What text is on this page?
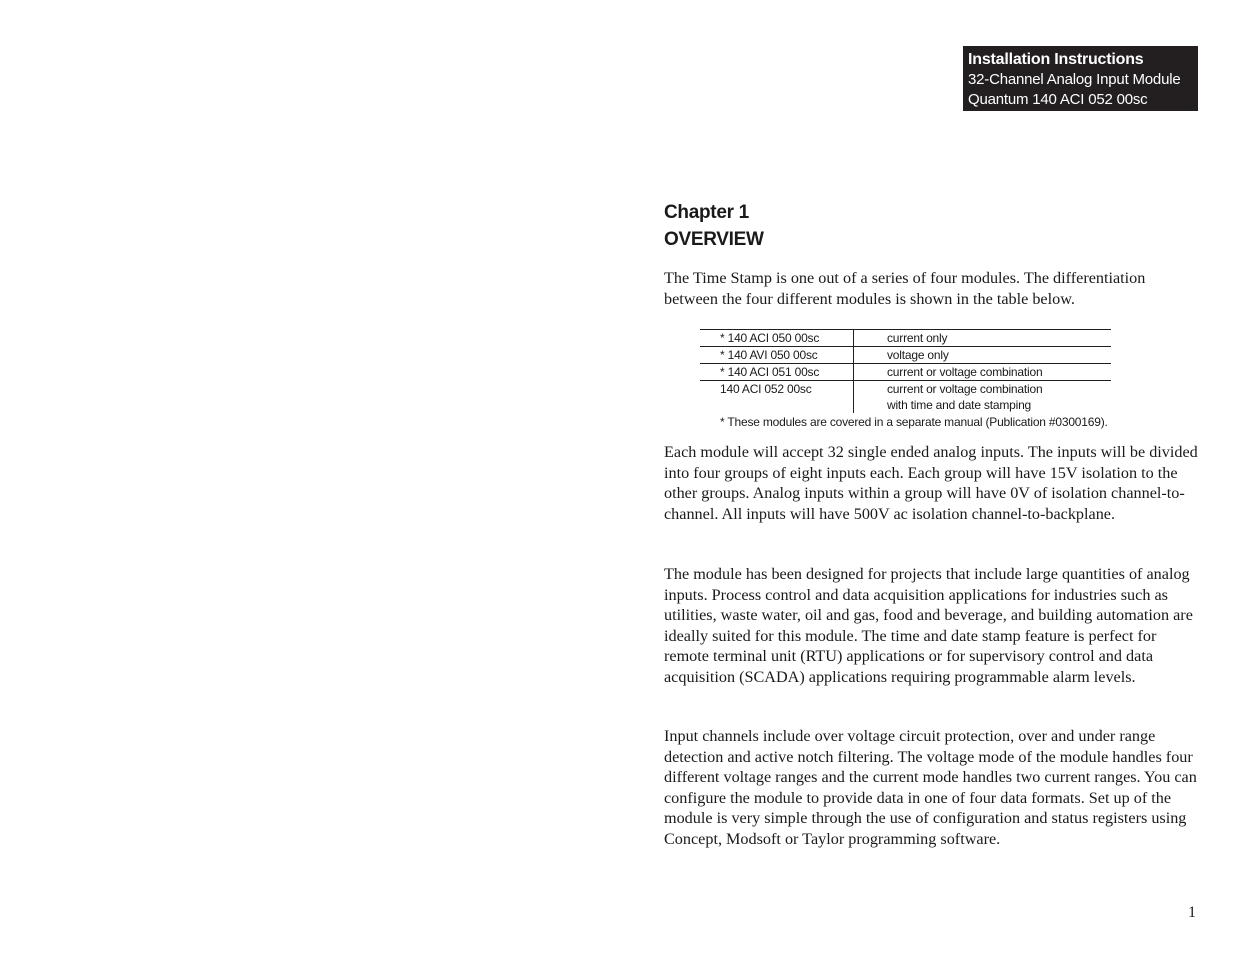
Installation Instructions
32-Channel Analog Input Module
Quantum 140 ACI 052 00sc
Chapter 1
OVERVIEW

The Time Stamp is one out of a series of four modules. The differentiation between the four different modules is shown in the table below.

* 140 ACI 050 00sc	current only
* 140 AVI 050 00sc	voltage only
* 140 ACI 051 00sc	current or voltage combination
140 ACI 052 00sc	current or voltage combination
with time and date stamping
* These modules are covered in a separate manual (Publication #0300169).

Each module will accept 32 single ended analog inputs. The inputs will be divided into four groups of eight inputs each. Each group will have 15V isolation to the other groups. Analog inputs within a group will have 0V of isolation channel-to-channel. All inputs will have 500V ac isolation channel-to-backplane.

The module has been designed for projects that include large quantities of analog inputs. Process control and data acquisition applications for industries such as utilities, waste water, oil and gas, food and beverage, and building automation are ideally suited for this module. The time and date stamp feature is perfect for remote terminal unit (RTU) applications or for supervisory control and data acquisition (SCADA) applications requiring programmable alarm levels.

Input channels include over voltage circuit protection, over and under range detection and active notch filtering. The voltage mode of the module handles four different voltage ranges and the current mode handles two current ranges. You can configure the module to provide data in one of four data formats. Set up of the module is very simple through the use of configuration and status registers using Concept, Modsoft or Taylor programming software.

1
